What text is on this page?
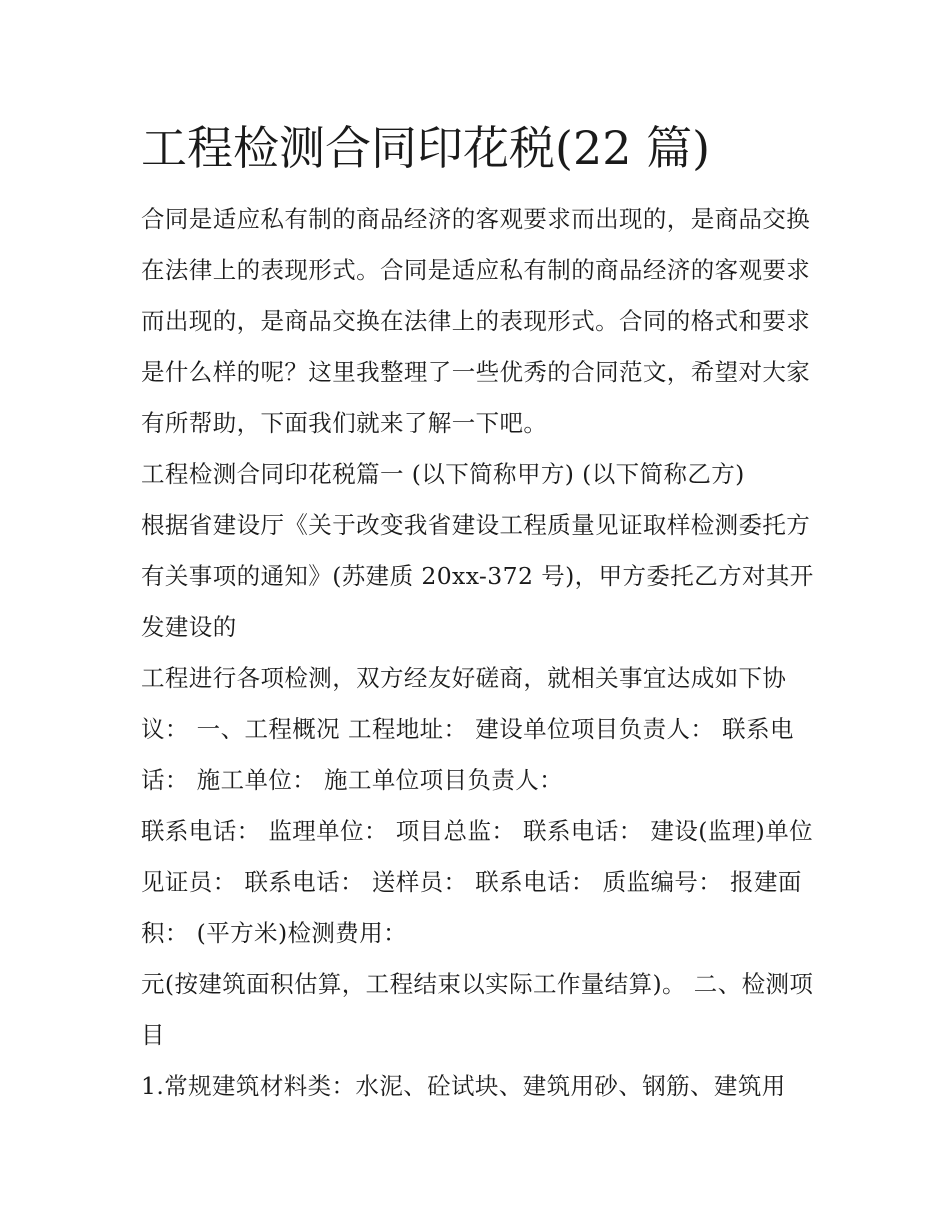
工程检测合同印花税(22 篇)

合同是适应私有制的商品经济的客观要求而出现的，是商品交换在法律上的表现形式。合同是适应私有制的商品经济的客观要求而出现的，是商品交换在法律上的表现形式。合同的格式和要求是什么样的呢？这里我整理了一些优秀的合同范文，希望对大家有所帮助，下面我们就来了解一下吧。

工程检测合同印花税篇一 (以下简称甲方) (以下简称乙方)

根据省建设厅《关于改变我省建设工程质量见证取样检测委托方有关事项的通知》(苏建质 20xx-372 号)，甲方委托乙方对其开发建设的

工程进行各项检测，双方经友好磋商，就相关事宜达成如下协议： 一、工程概况 工程地址： 建设单位项目负责人： 联系电话： 施工单位： 施工单位项目负责人：

联系电话： 监理单位： 项目总监： 联系电话： 建设(监理)单位见证员： 联系电话： 送样员： 联系电话： 质监编号： 报建面积： (平方米)检测费用：

元(按建筑面积估算，工程结束以实际工作量结算)。 二、检测项目

1.常规建筑材料类：水泥、砼试块、建筑用砂、钢筋、建筑用
